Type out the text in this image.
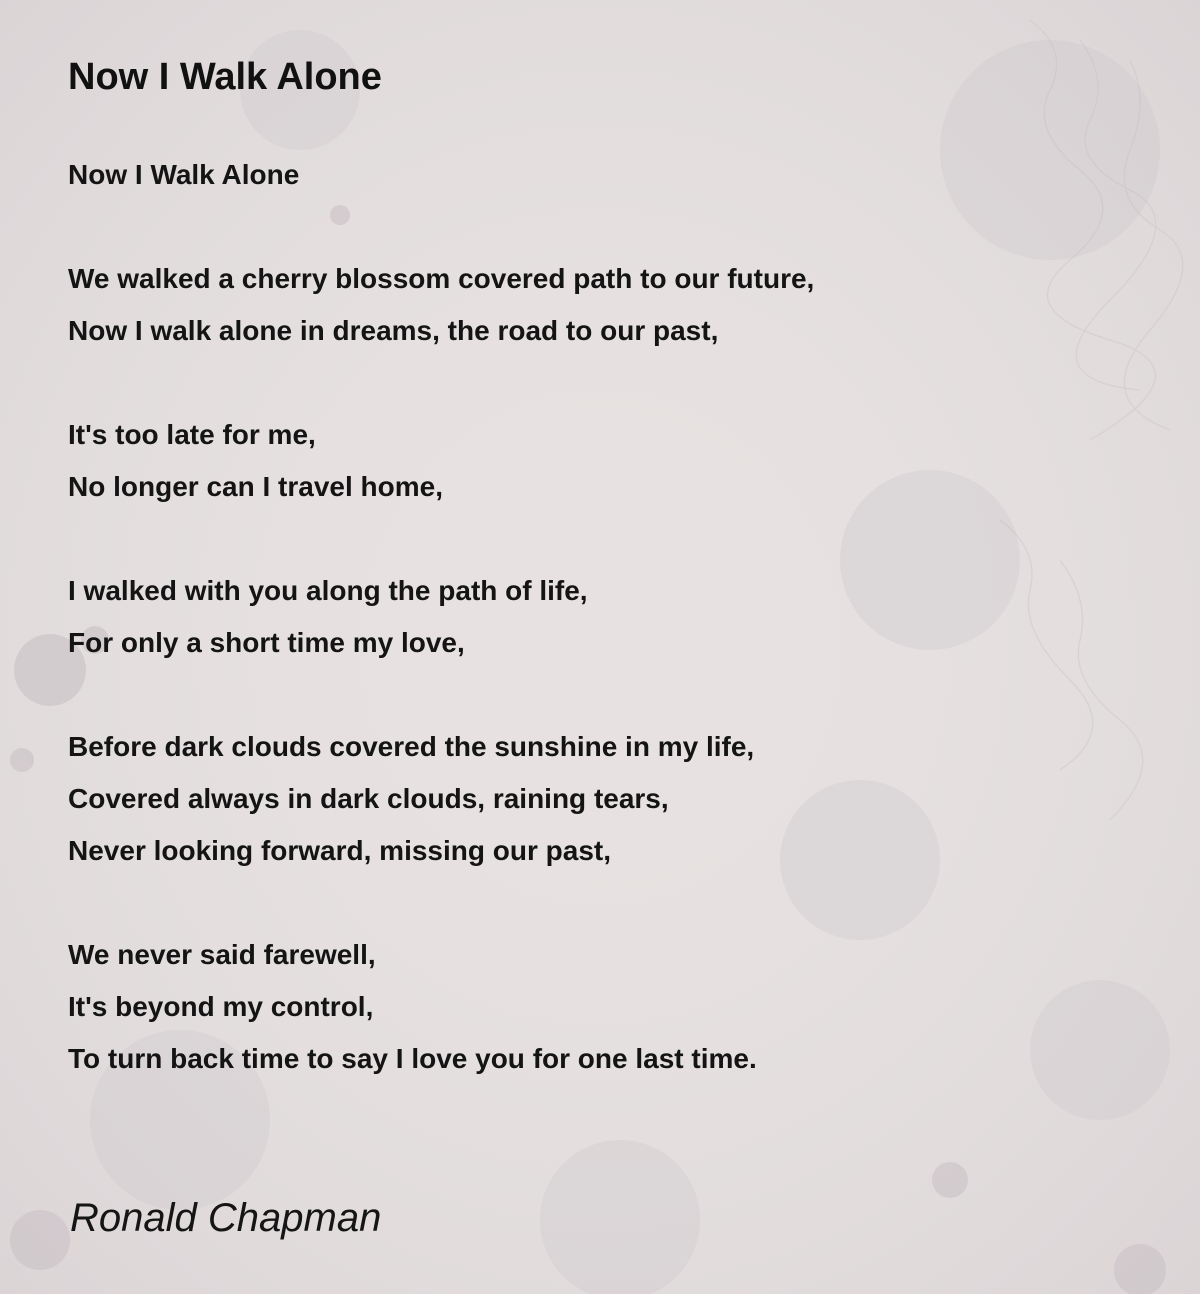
Now I Walk Alone
Now I Walk Alone
We walked a cherry blossom covered path to our future,
Now I walk alone in dreams, the road to our past,
It's too late for me,
No longer can I travel home,
I walked with you along the path of life,
For only a short time my love,
Before dark clouds covered the sunshine in my life,
Covered always in dark clouds, raining tears,
Never looking forward, missing our past,
We never said farewell,
It's beyond my control,
To turn back time to say I love you for one last time.

Ronald Chapman
